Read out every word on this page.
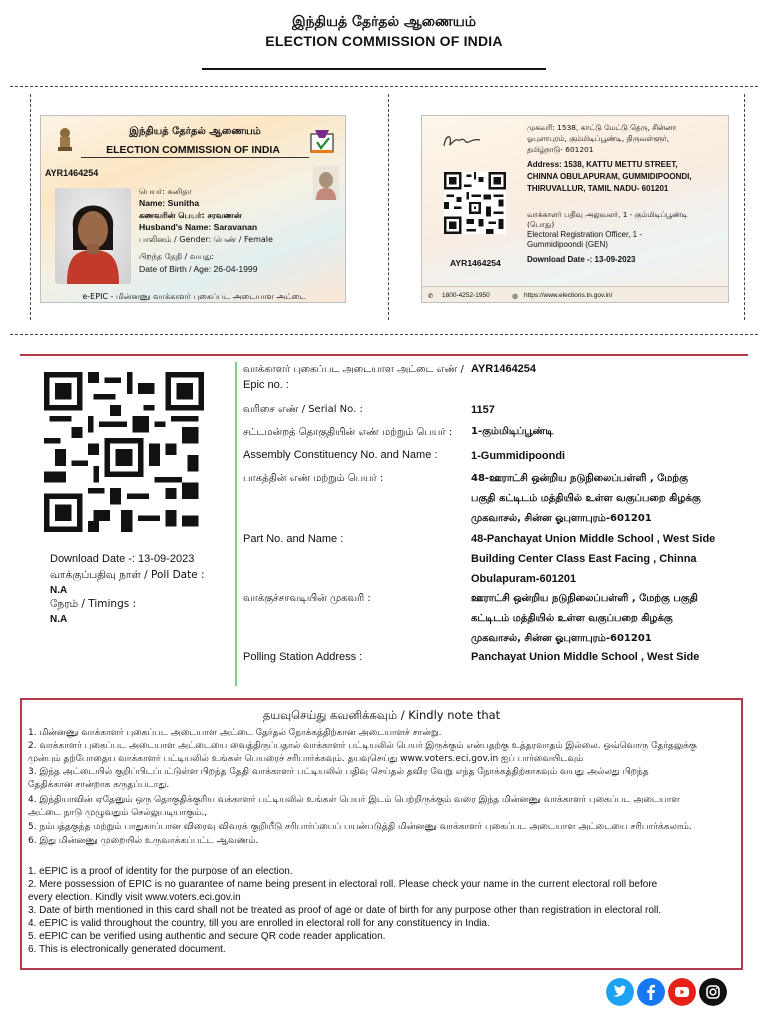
இந்தியத் தேர்தல் ஆணையம்
ELECTION COMMISSION OF INDIA
இந்தியத் தேர்தல் ஆணையம்
ELECTION COMMISSION OF INDIA
AYR1464254
பெயர்: சுனிதா
Name: Sunitha
கணவரின் பெயர்: சரவணன்
Husband's Name: Saravanan
பாலினம் / Gender: பெண் / Female
பிறந்த தேதி / வயது:
Date of Birth / Age: 26-04-1999
e-EPIC - மின்னணு வாக்காளர் புகைப்பட அடையாள அட்டை
முகவரி: 1538, காட்டு மேட்டு தெரு, சின்னா
ஓபுளாபுரம், கும்மிடிப்பூண்டி, திருவள்ளூர்,
தமிழ்நாடு- 601201
Address: 1538, KATTU METTU STREET,
CHINNA OBULAPURAM, GUMMIDIPOONDI,
THIRUVALLUR, TAMIL NADU- 601201
வாக்காளர் பதிவு அலுவலர், 1 - கும்மிடிப்பூண்டி
(பொது)
Electoral Registration Officer, 1 -
Gummidipoondi (GEN)
Download Date -: 13-09-2023
AYR1464254
✆ 1800-4252-1950	◍ https://www.elections.tn.gov.in/
Download Date -: 13-09-2023
வாக்குப்பதிவு நாள் / Poll Date :
N.A
நேரம் / Timings :
N.A
வாக்காளர் புகைப்பட அடையாள அட்டை எண் /
Epic no. :
AYR1464254
வரிசை எண் / Serial No. :	1157
சட்டமன்றத் தொகுதியின் எண் மற்றும் பெயர் : 1-கும்மிடிப்பூண்டி
Assembly Constituency No. and Name :	1-Gummidipoondi
பாகத்தின் எண் மற்றும் பெயர் :	48-ஊராட்சி ஒன்றிய நடுநிலைப்பள்ளி , மேற்கு
பகுதி கட்டிடம் மத்தியில் உள்ள வகுப்பறை கிழக்கு
முகவாசல், சின்ன ஓபுளாபுரம்-601201
Part No. and Name :	48-Panchayat Union Middle School , West Side
Building Center Class East Facing , Chinna
Obulapuram-601201
வாக்குச்சாவடியின் முகவரி :	ஊராட்சி ஒன்றிய நடுநிலைப்பள்ளி , மேற்கு பகுதி
கட்டிடம் மத்தியில் உள்ள வகுப்பறை கிழக்கு
முகவாசல், சின்ன ஓபுளாபுரம்-601201
Polling Station Address :	Panchayat Union Middle School , West Side
தயவுசெய்து கவனிக்கவும் / Kindly note that
1. மின்னணு வாக்காளர் புகைப்பட அடையாள அட்டை தேர்தல் நோக்கத்திற்கான அடையாளச் சான்று.
2. வாக்காளர் புகைப்பட அடையாள அட்டையை வைத்திருப்பதால் வாக்காளர் பட்டியலில் பெயர் இருக்கும் என்பதற்கு உத்தரவாதம் இல்லை. ஒவ்வொரு தேர்தலுக்கு
முன்பும் தற்போதைய வாக்காளர் பட்டியலில் உங்கள் பெயரைச் சரிபார்க்கவும். தயவுசெய்து www.voters.eci.gov.in ஐப் பார்வையிடவும்
3. இந்த அட்டையில் குறிப்பிடப்பட்டுள்ள பிறந்த தேதி வாக்காளர் பட்டியலில் பதிவு செய்தல் தவிர வேறு எந்த நோக்கத்திற்காகவும் வயது அல்லது பிறந்த
தேதிக்கான சான்றாக கருதப்படாது.
4. இந்தியாவின் ஏதேனும் ஒரு தொகுதிக்குரிய வக்காளர் பட்டியலில் உங்கள் பெயர் இடம் பெற்றிருக்கும் வரை இந்த மின்னணு வாக்காளர் புகைப்பட அடையாள
அட்டை நாடு முழுவதும் செல்லுபடியாகும்.,
5. நம்பத்தகுந்த மற்றும் பாதுகாப்பான விரைவு விவரக் குறியீடு சரிபார்ப்பைப் பயன்படுத்தி மின்னணு வாக்காளர் புகைப்பட அடையாள அட்டையை சரிபார்க்கலாம்.
6. இது மின்னணு முறையில் உருவாக்கப்பட்ட ஆவணம்.
1. eEPIC is a proof of identity for the purpose of an election.
2. Mere possession of EPIC is no guarantee of name being present in electoral roll. Please check your name in the current electoral roll before
every election. Kindly visit www.voters.eci.gov.in
3. Date of birth mentioned in this card shall not be treated as proof of age or date of birth for any purpose other than registration in electoral roll.
4. eEPIC is valid throughout the country, till you are enrolled in electoral roll for any constituency in India.
5. eEPIC can be verified using authentic and secure QR code reader application.
6. This is electronically generated document.
